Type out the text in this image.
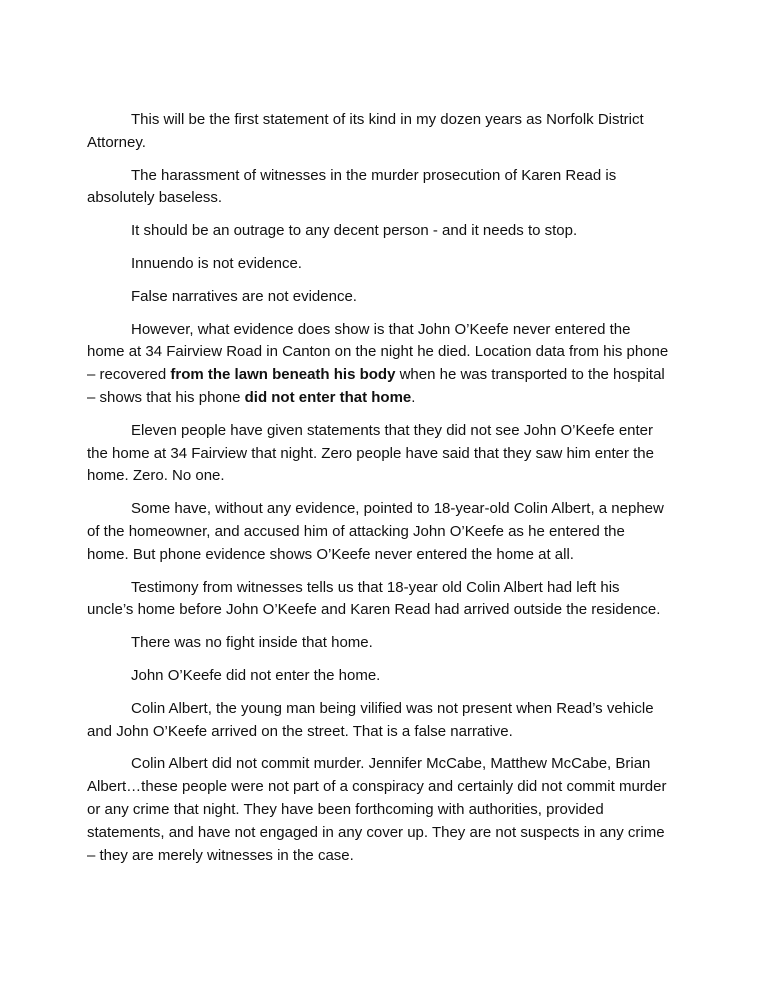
This will be the first statement of its kind in my dozen years as Norfolk District Attorney.

The harassment of witnesses in the murder prosecution of Karen Read is absolutely baseless.

It should be an outrage to any decent person - and it needs to stop.

Innuendo is not evidence.

False narratives are not evidence.

However, what evidence does show is that John O’Keefe never entered the home at 34 Fairview Road in Canton on the night he died. Location data from his phone – recovered from the lawn beneath his body when he was transported to the hospital – shows that his phone did not enter that home.

Eleven people have given statements that they did not see John O’Keefe enter the home at 34 Fairview that night. Zero people have said that they saw him enter the home. Zero. No one.

Some have, without any evidence, pointed to 18-year-old Colin Albert, a nephew of the homeowner, and accused him of attacking John O’Keefe as he entered the home. But phone evidence shows O’Keefe never entered the home at all.

Testimony from witnesses tells us that 18-year old Colin Albert had left his uncle’s home before John O’Keefe and Karen Read had arrived outside the residence.

There was no fight inside that home.

John O’Keefe did not enter the home.

Colin Albert, the young man being vilified was not present when Read’s vehicle and John O’Keefe arrived on the street. That is a false narrative.

Colin Albert did not commit murder. Jennifer McCabe, Matthew McCabe, Brian Albert…these people were not part of a conspiracy and certainly did not commit murder or any crime that night. They have been forthcoming with authorities, provided statements, and have not engaged in any cover up. They are not suspects in any crime – they are merely witnesses in the case.
